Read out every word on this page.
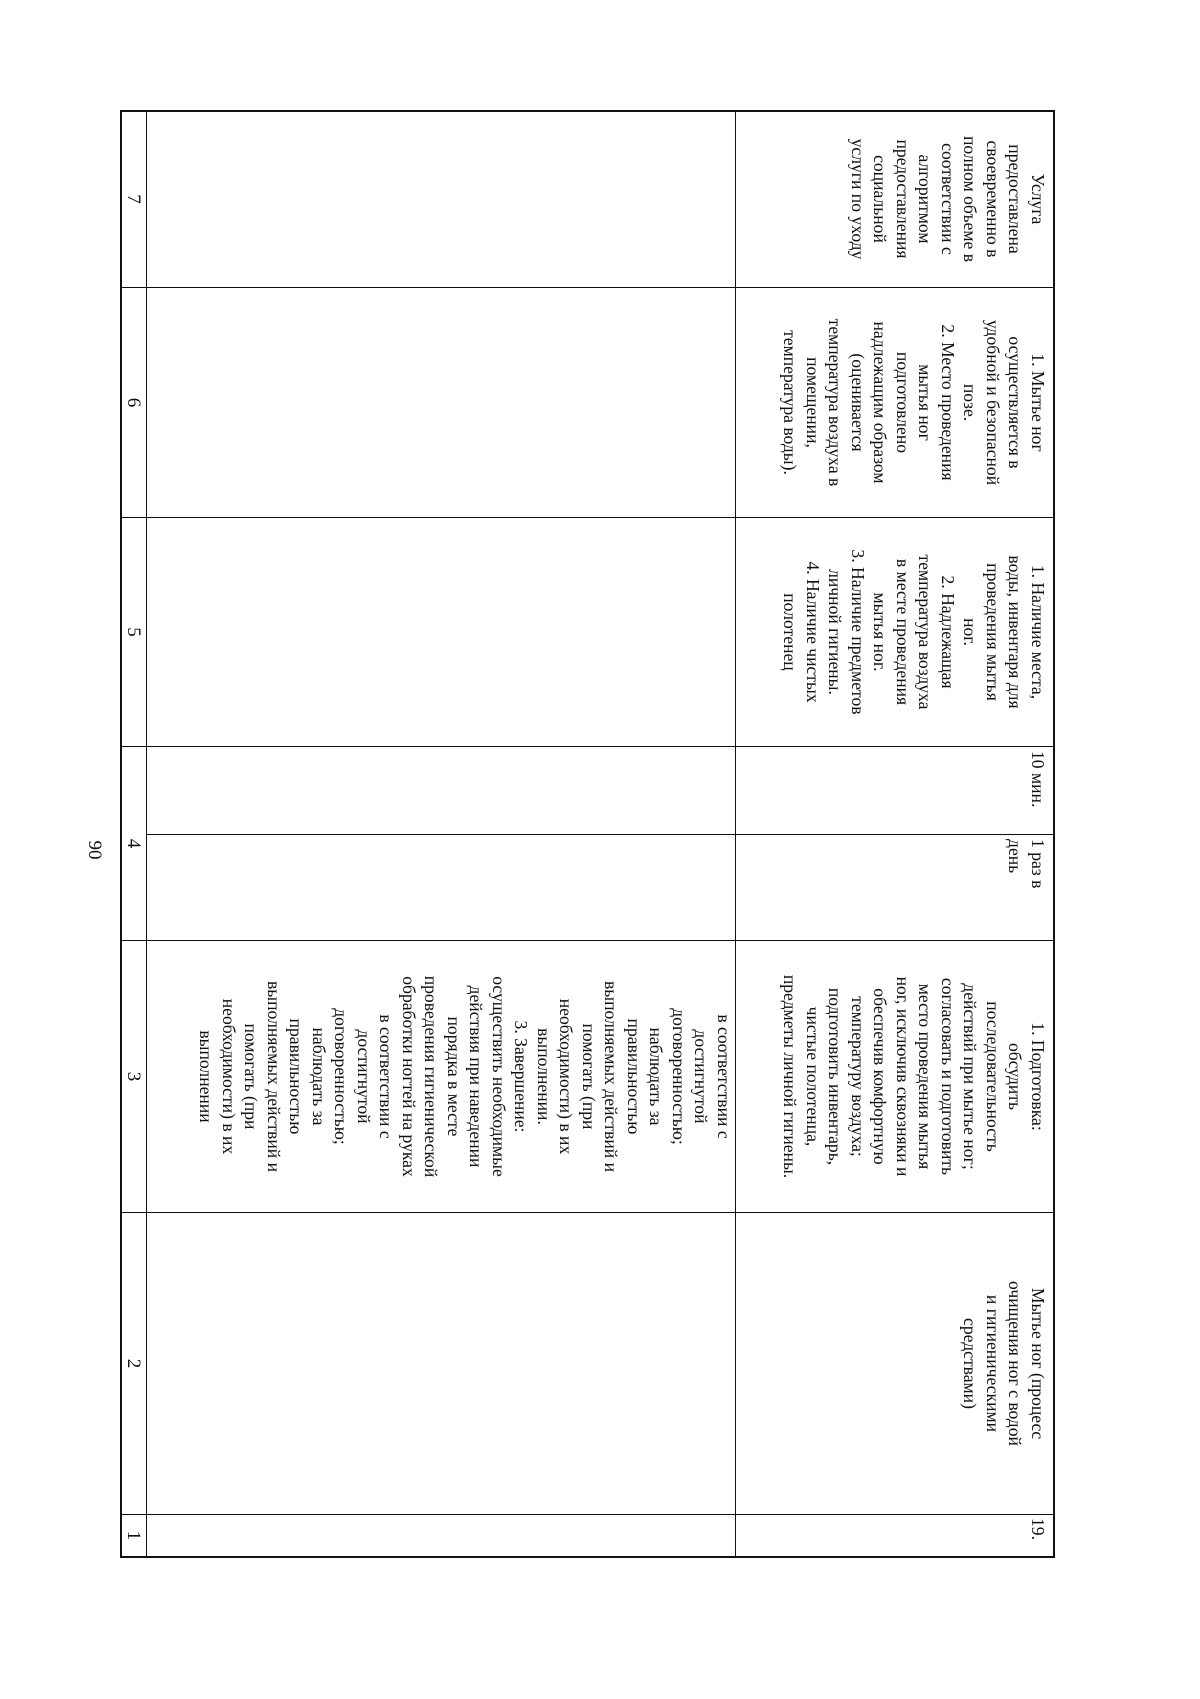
90
1
2
3
4
5
6
7
в соответствии с
достигнутой
договоренностью;
наблюдать за
правильностью
выполняемых действий и
помогать (при
необходимости) в их
выполнении.
3. Завершение:
осуществить необходимые
действия при наведении
порядка в месте
проведения гигиенической
обработки ногтей на руках
в соответствии с
достигнутой
договоренностью;
наблюдать за
правильностью
выполняемых действий и
помогать (при
необходимости) в их
выполнении
19.
Мытье ног (процесс
очищения ног с водой
и гигиеническими
средствами)
1. Подготовка:
обсудить
последовательность
действий при мытье ног;
согласовать и подготовить
место проведения мытья
ног, исключив сквозняки и
обеспечив комфортную
температуру воздуха;
подготовить инвентарь,
чистые полотенца,
предметы личной гигиены.
1 раз в
день
10 мин.
1. Наличие места,
воды, инвентаря для
проведения мытья
ног.
2. Надлежащая
температура воздуха
в месте проведения
мытья ног.
3. Наличие предметов
личной гигиены.
4. Наличие чистых
полотенец
1. Мытье ног
осуществляется в
удобной и безопасной
позе.
2. Место проведения
мытья ног
подготовлено
надлежащим образом
(оценивается
температура воздуха в
помещении,
температура воды).
Услуга
предоставлена
своевременно в
полном объеме в
соответствии с
алгоритмом
предоставления
социальной
услуги по уходу
